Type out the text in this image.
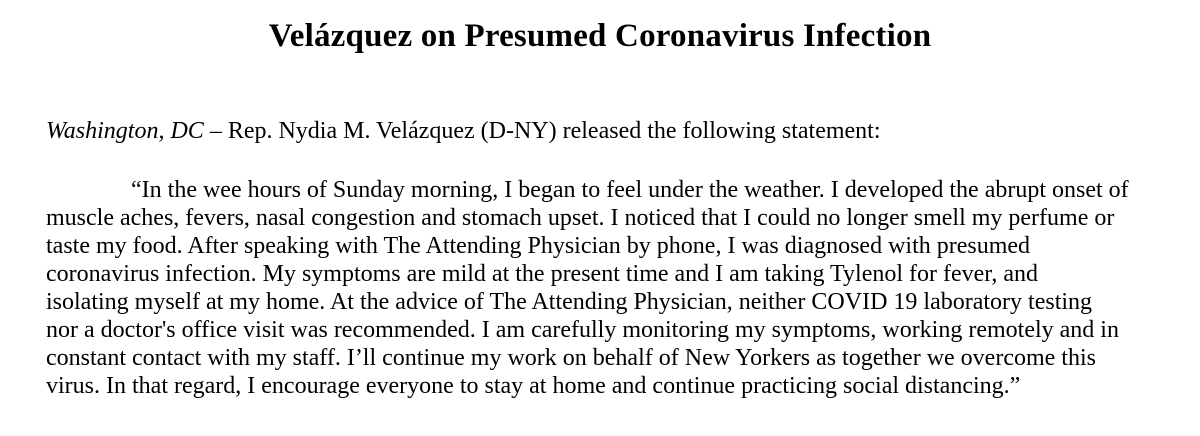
Velázquez on Presumed Coronavirus Infection

Washington, DC – Rep. Nydia M. Velázquez (D-NY) released the following statement:

“In the wee hours of Sunday morning, I began to feel under the weather. I developed the abrupt onset of
muscle aches, fevers, nasal congestion and stomach upset. I noticed that I could no longer smell my perfume or
taste my food. After speaking with The Attending Physician by phone, I was diagnosed with presumed
coronavirus infection. My symptoms are mild at the present time and I am taking Tylenol for fever, and
isolating myself at my home. At the advice of The Attending Physician, neither COVID 19 laboratory testing
nor a doctor's office visit was recommended. I am carefully monitoring my symptoms, working remotely and in
constant contact with my staff. I’ll continue my work on behalf of New Yorkers as together we overcome this
virus. In that regard, I encourage everyone to stay at home and continue practicing social distancing.”
